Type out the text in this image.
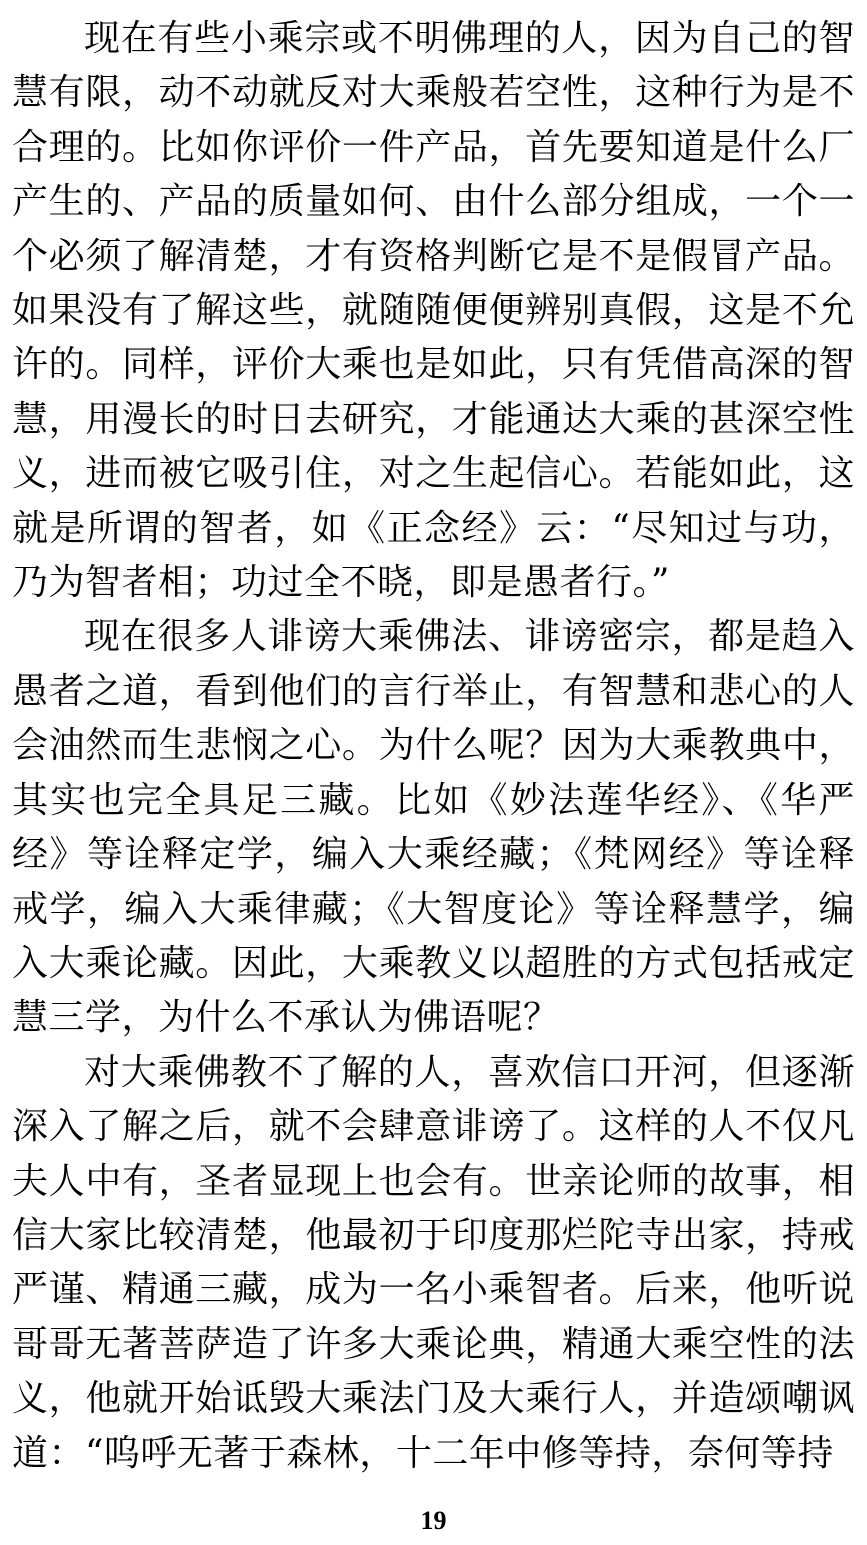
现在有些小乘宗或不明佛理的人，因为自己的智慧有限，动不动就反对大乘般若空性，这种行为是不合理的。比如你评价一件产品，首先要知道是什么厂产生的、产品的质量如何、由什么部分组成，一个一个必须了解清楚，才有资格判断它是不是假冒产品。如果没有了解这些，就随随便便辨别真假，这是不允许的。同样，评价大乘也是如此，只有凭借高深的智慧，用漫长的时日去研究，才能通达大乘的甚深空性义，进而被它吸引住，对之生起信心。若能如此，这就是所谓的智者，如《正念经》云：“尽知过与功，乃为智者相；功过全不晓，即是愚者行。”

现在很多人诽谤大乘佛法、诽谤密宗，都是趋入愚者之道，看到他们的言行举止，有智慧和悲心的人会油然而生悲悯之心。为什么呢？因为大乘教典中，其实也完全具足三藏。比如《妙法莲华经》、《华严经》等诠释定学，编入大乘经藏；《梵网经》等诠释戒学，编入大乘律藏；《大智度论》等诠释慧学，编入大乘论藏。因此，大乘教义以超胜的方式包括戒定慧三学，为什么不承认为佛语呢？

对大乘佛教不了解的人，喜欢信口开河，但逐渐深入了解之后，就不会肆意诽谤了。这样的人不仅凡夫人中有，圣者显现上也会有。世亲论师的故事，相信大家比较清楚，他最初于印度那烂陀寺出家，持戒严谨、精通三藏，成为一名小乘智者。后来，他听说哥哥无著菩萨造了许多大乘论典，精通大乘空性的法义，他就开始诋毁大乘法门及大乘行人，并造颂嘲讽道：“呜呼无著于森林，十二年中修等持，奈何等持

19
